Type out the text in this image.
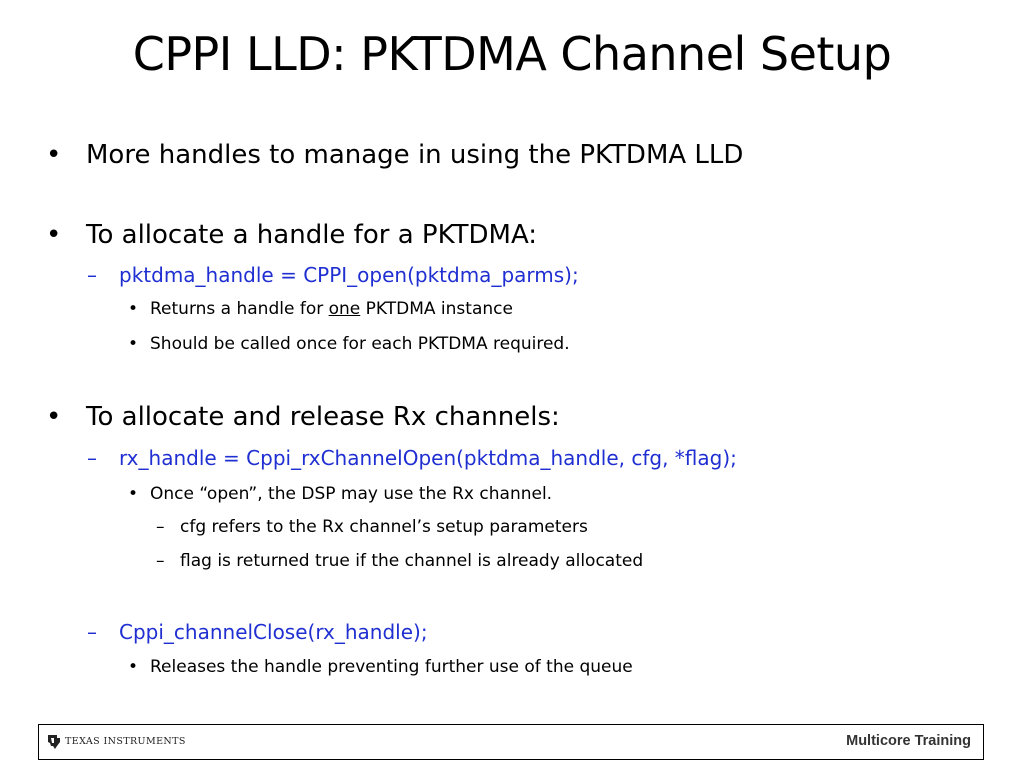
CPPI LLD: PKTDMA Channel Setup
• More handles to manage in using the PKTDMA LLD
• To allocate a handle for a PKTDMA:
– pktdma_handle = CPPI_open(pktdma_parms);
• Returns a handle for one PKTDMA instance
• Should be called once for each PKTDMA required.
• To allocate and release Rx channels:
– rx_handle = Cppi_rxChannelOpen(pktdma_handle, cfg, *flag);
• Once “open”, the DSP may use the Rx channel.
– cfg refers to the Rx channel’s setup parameters
– flag is returned true if the channel is already allocated
– Cppi_channelClose(rx_handle);
• Releases the handle preventing further use of the queue
TEXAS INSTRUMENTS	Multicore Training
